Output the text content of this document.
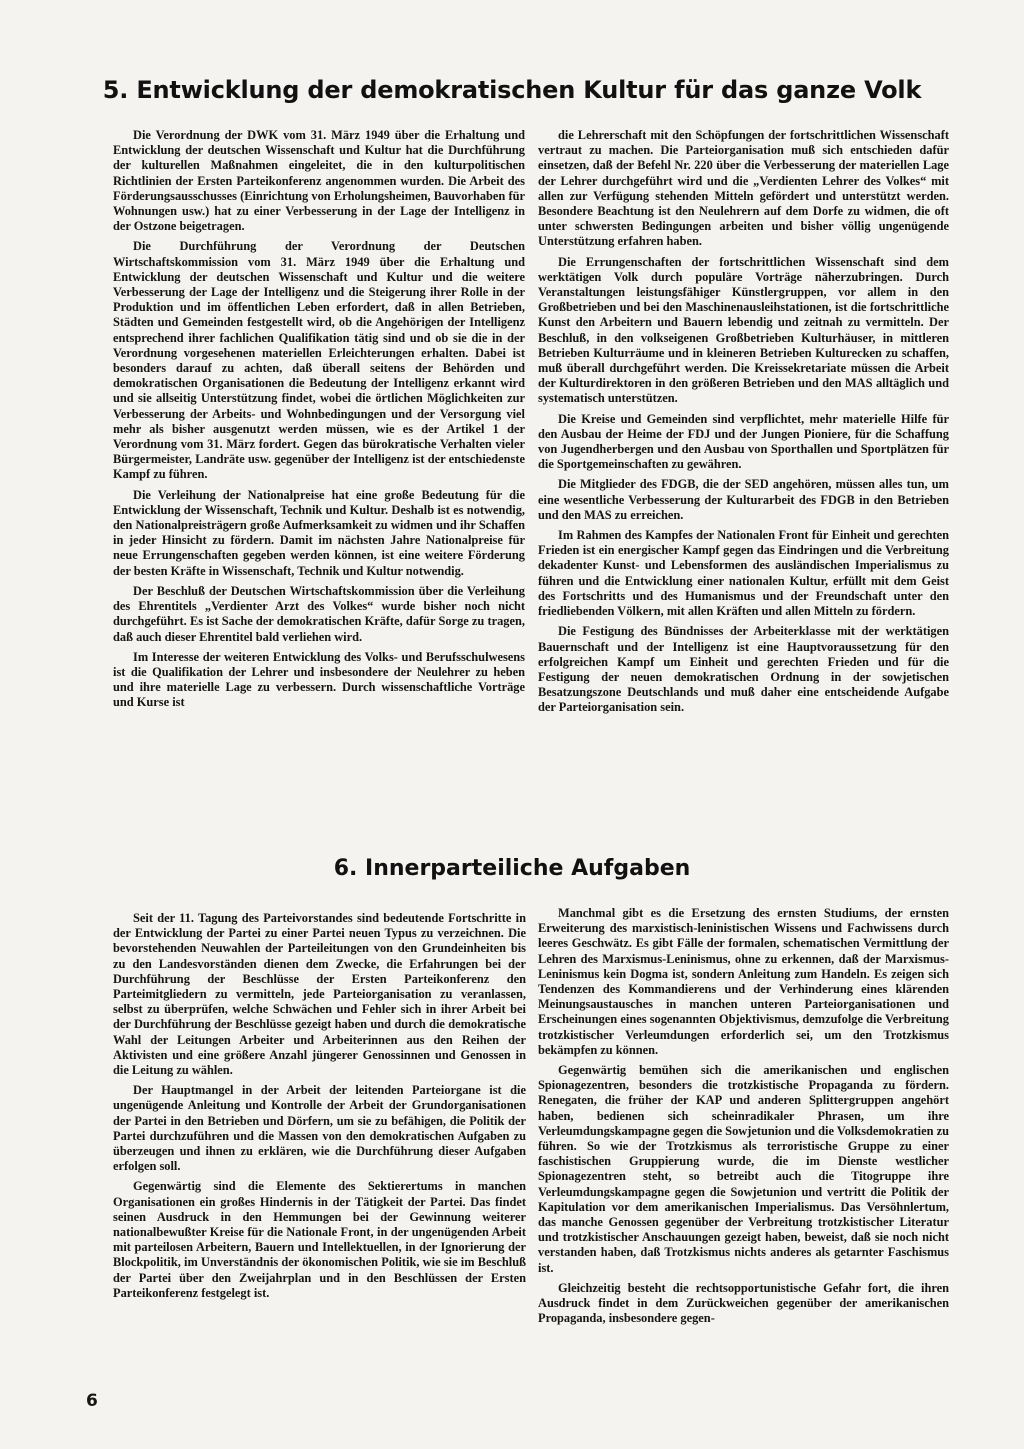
5. Entwicklung der demokratischen Kultur für das ganze Volk

Die Verordnung der DWK vom 31. März 1949 über die Erhaltung und Entwicklung der deutschen Wissenschaft und Kultur hat die Durchführung der kulturellen Maßnahmen eingeleitet, die in den kulturpolitischen Richtlinien der Ersten Parteikonferenz angenommen wurden. Die Arbeit des Förderungsausschusses (Einrichtung von Erholungsheimen, Bauvorhaben für Wohnungen usw.) hat zu einer Verbesserung in der Lage der Intelligenz in der Ostzone beigetragen.

Die Durchführung der Verordnung der Deutschen Wirtschaftskommission vom 31. März 1949 über die Erhaltung und Entwicklung der deutschen Wissenschaft und Kultur und die weitere Verbesserung der Lage der Intelligenz und die Steigerung ihrer Rolle in der Produktion und im öffentlichen Leben erfordert, daß in allen Betrieben, Städten und Gemeinden festgestellt wird, ob die Angehörigen der Intelligenz entsprechend ihrer fachlichen Qualifikation tätig sind und ob sie die in der Verordnung vorgesehenen materiellen Erleichterungen erhalten. Dabei ist besonders darauf zu achten, daß überall seitens der Behörden und demokratischen Organisationen die Bedeutung der Intelligenz erkannt wird und sie allseitig Unterstützung findet, wobei die örtlichen Möglichkeiten zur Verbesserung der Arbeits- und Wohnbedingungen und der Versorgung viel mehr als bisher ausgenutzt werden müssen, wie es der Artikel 1 der Verordnung vom 31. März fordert. Gegen das bürokratische Verhalten vieler Bürgermeister, Landräte usw. gegenüber der Intelligenz ist der entschiedenste Kampf zu führen.

Die Verleihung der Nationalpreise hat eine große Bedeutung für die Entwicklung der Wissenschaft, Technik und Kultur. Deshalb ist es notwendig, den Nationalpreisträgern große Aufmerksamkeit zu widmen und ihr Schaffen in jeder Hinsicht zu fördern. Damit im nächsten Jahre Nationalpreise für neue Errungenschaften gegeben werden können, ist eine weitere Förderung der besten Kräfte in Wissenschaft, Technik und Kultur notwendig.

Der Beschluß der Deutschen Wirtschaftskommission über die Verleihung des Ehrentitels „Verdienter Arzt des Volkes“ wurde bisher noch nicht durchgeführt. Es ist Sache der demokratischen Kräfte, dafür Sorge zu tragen, daß auch dieser Ehrentitel bald verliehen wird.

Im Interesse der weiteren Entwicklung des Volks- und Berufsschulwesens ist die Qualifikation der Lehrer und insbesondere der Neulehrer zu heben und ihre materielle Lage zu verbessern. Durch wissenschaftliche Vorträge und Kurse ist

die Lehrerschaft mit den Schöpfungen der fortschrittlichen Wissenschaft vertraut zu machen. Die Parteiorganisation muß sich entschieden dafür einsetzen, daß der Befehl Nr. 220 über die Verbesserung der materiellen Lage der Lehrer durchgeführt wird und die „Verdienten Lehrer des Volkes“ mit allen zur Verfügung stehenden Mitteln gefördert und unterstützt werden. Besondere Beachtung ist den Neulehrern auf dem Dorfe zu widmen, die oft unter schwersten Bedingungen arbeiten und bisher völlig ungenügende Unterstützung erfahren haben.

Die Errungenschaften der fortschrittlichen Wissenschaft sind dem werktätigen Volk durch populäre Vorträge näherzubringen. Durch Veranstaltungen leistungsfähiger Künstlergruppen, vor allem in den Großbetrieben und bei den Maschinenausleihstationen, ist die fortschrittliche Kunst den Arbeitern und Bauern lebendig und zeitnah zu vermitteln. Der Beschluß, in den volkseigenen Großbetrieben Kulturhäuser, in mittleren Betrieben Kulturräume und in kleineren Betrieben Kulturecken zu schaffen, muß überall durchgeführt werden. Die Kreissekretariate müssen die Arbeit der Kulturdirektoren in den größeren Betrieben und den MAS alltäglich und systematisch unterstützen.

Die Kreise und Gemeinden sind verpflichtet, mehr materielle Hilfe für den Ausbau der Heime der FDJ und der Jungen Pioniere, für die Schaffung von Jugendherbergen und den Ausbau von Sporthallen und Sportplätzen für die Sportgemeinschaften zu gewähren.

Die Mitglieder des FDGB, die der SED angehören, müssen alles tun, um eine wesentliche Verbesserung der Kulturarbeit des FDGB in den Betrieben und den MAS zu erreichen.

Im Rahmen des Kampfes der Nationalen Front für Einheit und gerechten Frieden ist ein energischer Kampf gegen das Eindringen und die Verbreitung dekadenter Kunst- und Lebensformen des ausländischen Imperialismus zu führen und die Entwicklung einer nationalen Kultur, erfüllt mit dem Geist des Fortschritts und des Humanismus und der Freundschaft unter den friedliebenden Völkern, mit allen Kräften und allen Mitteln zu fördern.

Die Festigung des Bündnisses der Arbeiterklasse mit der werktätigen Bauernschaft und der Intelligenz ist eine Hauptvoraussetzung für den erfolgreichen Kampf um Einheit und gerechten Frieden und für die Festigung der neuen demokratischen Ordnung in der sowjetischen Besatzungszone Deutschlands und muß daher eine entscheidende Aufgabe der Parteiorganisation sein.

6. Innerparteiliche Aufgaben

Seit der 11. Tagung des Parteivorstandes sind bedeutende Fortschritte in der Entwicklung der Partei zu einer Partei neuen Typus zu verzeichnen. Die bevorstehenden Neuwahlen der Parteileitungen von den Grundeinheiten bis zu den Landesvorständen dienen dem Zwecke, die Erfahrungen bei der Durchführung der Beschlüsse der Ersten Parteikonferenz den Parteimitgliedern zu vermitteln, jede Parteiorganisation zu veranlassen, selbst zu überprüfen, welche Schwächen und Fehler sich in ihrer Arbeit bei der Durchführung der Beschlüsse gezeigt haben und durch die demokratische Wahl der Leitungen Arbeiter und Arbeiterinnen aus den Reihen der Aktivisten und eine größere Anzahl jüngerer Genossinnen und Genossen in die Leitung zu wählen.

Der Hauptmangel in der Arbeit der leitenden Parteiorgane ist die ungenügende Anleitung und Kontrolle der Arbeit der Grundorganisationen der Partei in den Betrieben und Dörfern, um sie zu befähigen, die Politik der Partei durchzuführen und die Massen von den demokratischen Aufgaben zu überzeugen und ihnen zu erklären, wie die Durchführung dieser Aufgaben erfolgen soll.

Gegenwärtig sind die Elemente des Sektierertums in manchen Organisationen ein großes Hindernis in der Tätigkeit der Partei. Das findet seinen Ausdruck in den Hemmungen bei der Gewinnung weiterer nationalbewußter Kreise für die Nationale Front, in der ungenügenden Arbeit mit parteilosen Arbeitern, Bauern und Intellektuellen, in der Ignorierung der Blockpolitik, im Unverständnis der ökonomischen Politik, wie sie im Beschluß der Partei über den Zweijahrplan und in den Beschlüssen der Ersten Parteikonferenz festgelegt ist.

Manchmal gibt es die Ersetzung des ernsten Studiums, der ernsten Erweiterung des marxistisch-leninistischen Wissens und Fachwissens durch leeres Geschwätz. Es gibt Fälle der formalen, schematischen Vermittlung der Lehren des Marxismus-Leninismus, ohne zu erkennen, daß der Marxismus-Leninismus kein Dogma ist, sondern Anleitung zum Handeln. Es zeigen sich Tendenzen des Kommandierens und der Verhinderung eines klärenden Meinungsaustausches in manchen unteren Parteiorganisationen und Erscheinungen eines sogenannten Objektivismus, demzufolge die Verbreitung trotzkistischer Verleumdungen erforderlich sei, um den Trotzkismus bekämpfen zu können.

Gegenwärtig bemühen sich die amerikanischen und englischen Spionagezentren, besonders die trotzkistische Propaganda zu fördern. Renegaten, die früher der KAP und anderen Splittergruppen angehört haben, bedienen sich scheinradikaler Phrasen, um ihre Verleumdungskampagne gegen die Sowjetunion und die Volksdemokratien zu führen. So wie der Trotzkismus als terroristische Gruppe zu einer faschistischen Gruppierung wurde, die im Dienste westlicher Spionagezentren steht, so betreibt auch die Titogruppe ihre Verleumdungskampagne gegen die Sowjetunion und vertritt die Politik der Kapitulation vor dem amerikanischen Imperialismus. Das Versöhnlertum, das manche Genossen gegenüber der Verbreitung trotzkistischer Literatur und trotzkistischer Anschauungen gezeigt haben, beweist, daß sie noch nicht verstanden haben, daß Trotzkismus nichts anderes als getarnter Faschismus ist.

Gleichzeitig besteht die rechtsopportunistische Gefahr fort, die ihren Ausdruck findet in dem Zurückweichen gegenüber der amerikanischen Propaganda, insbesondere gegen-

6
